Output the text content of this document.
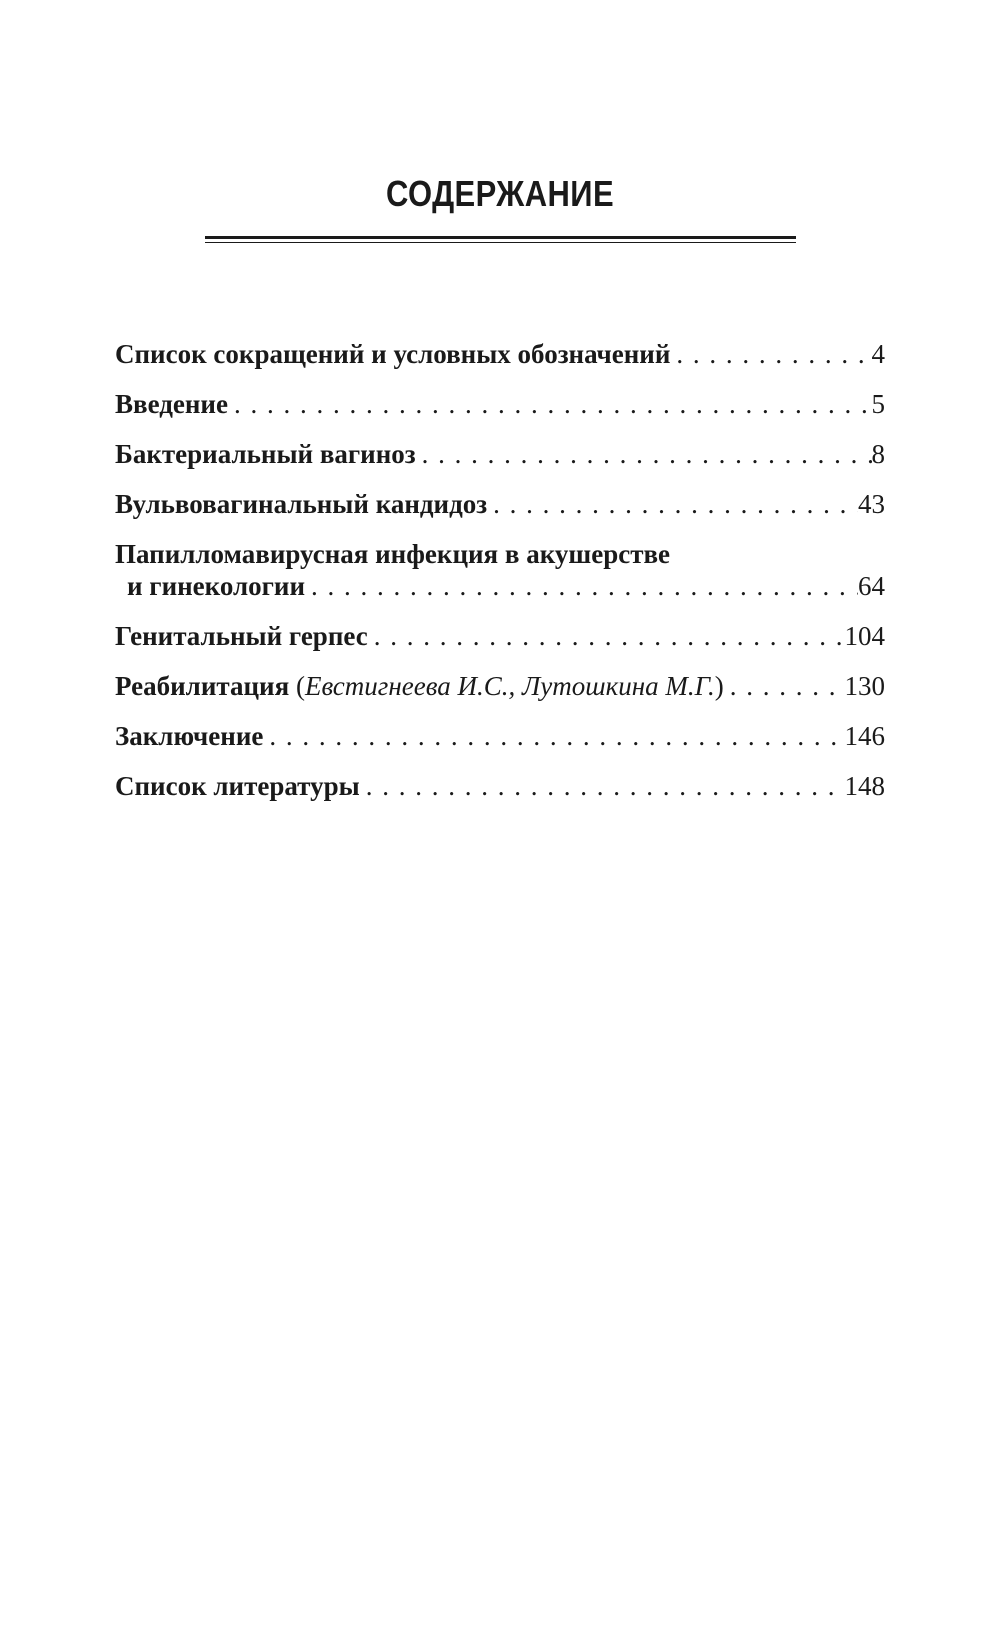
СОДЕРЖАНИЕ
Список сокращений и условных обозначений . . .	4
Введение . . .	5
Бактериальный вагиноз . . .	8
Вульвовагинальный кандидоз . . .	43
Папилломавирусная инфекция в акушерстве
и гинекологии . . .	64
Генитальный герпес . . .	104
Реабилитация (Евстигнеева И.С., Лутошкина М.Г.) . . .	130
Заключение . . .	146
Список литературы . . .	148
